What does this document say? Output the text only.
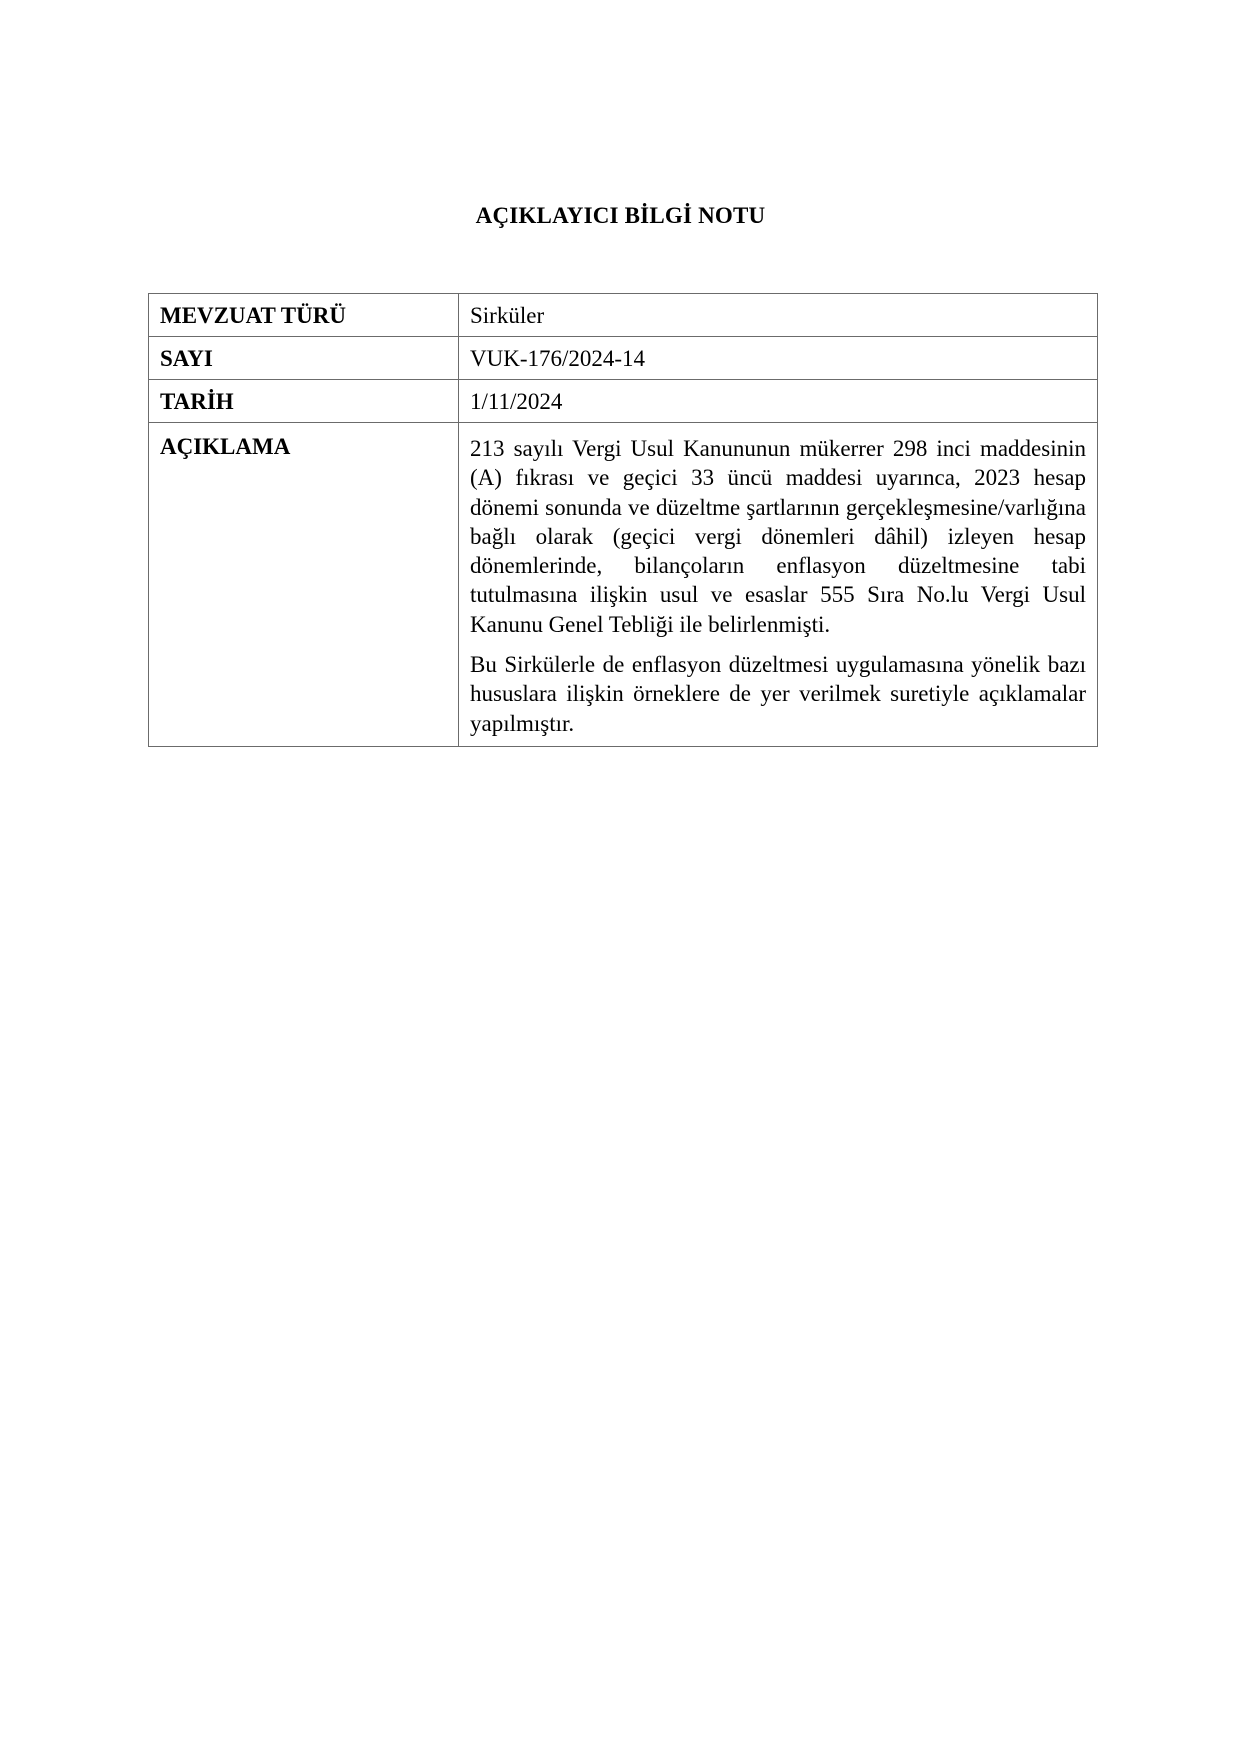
AÇIKLAYICI BİLGİ NOTU
MEVZUAT TÜRÜ	Sirküler
SAYI	VUK-176/2024-14
TARİH	1/11/2024
AÇIKLAMA	213 sayılı Vergi Usul Kanununun mükerrer 298 inci maddesinin (A) fıkrası ve geçici 33 üncü maddesi uyarınca, 2023 hesap dönemi sonunda ve düzeltme şartlarının gerçekleşmesine/varlığına bağlı olarak (geçici vergi dönemleri dâhil) izleyen hesap dönemlerinde, bilançoların enflasyon düzeltmesine tabi tutulmasına ilişkin usul ve esaslar 555 Sıra No.lu Vergi Usul Kanunu Genel Tebliği ile belirlenmişti.

Bu Sirkülerle de enflasyon düzeltmesi uygulamasına yönelik bazı hususlara ilişkin örneklere de yer verilmek suretiyle açıklamalar yapılmıştır.
